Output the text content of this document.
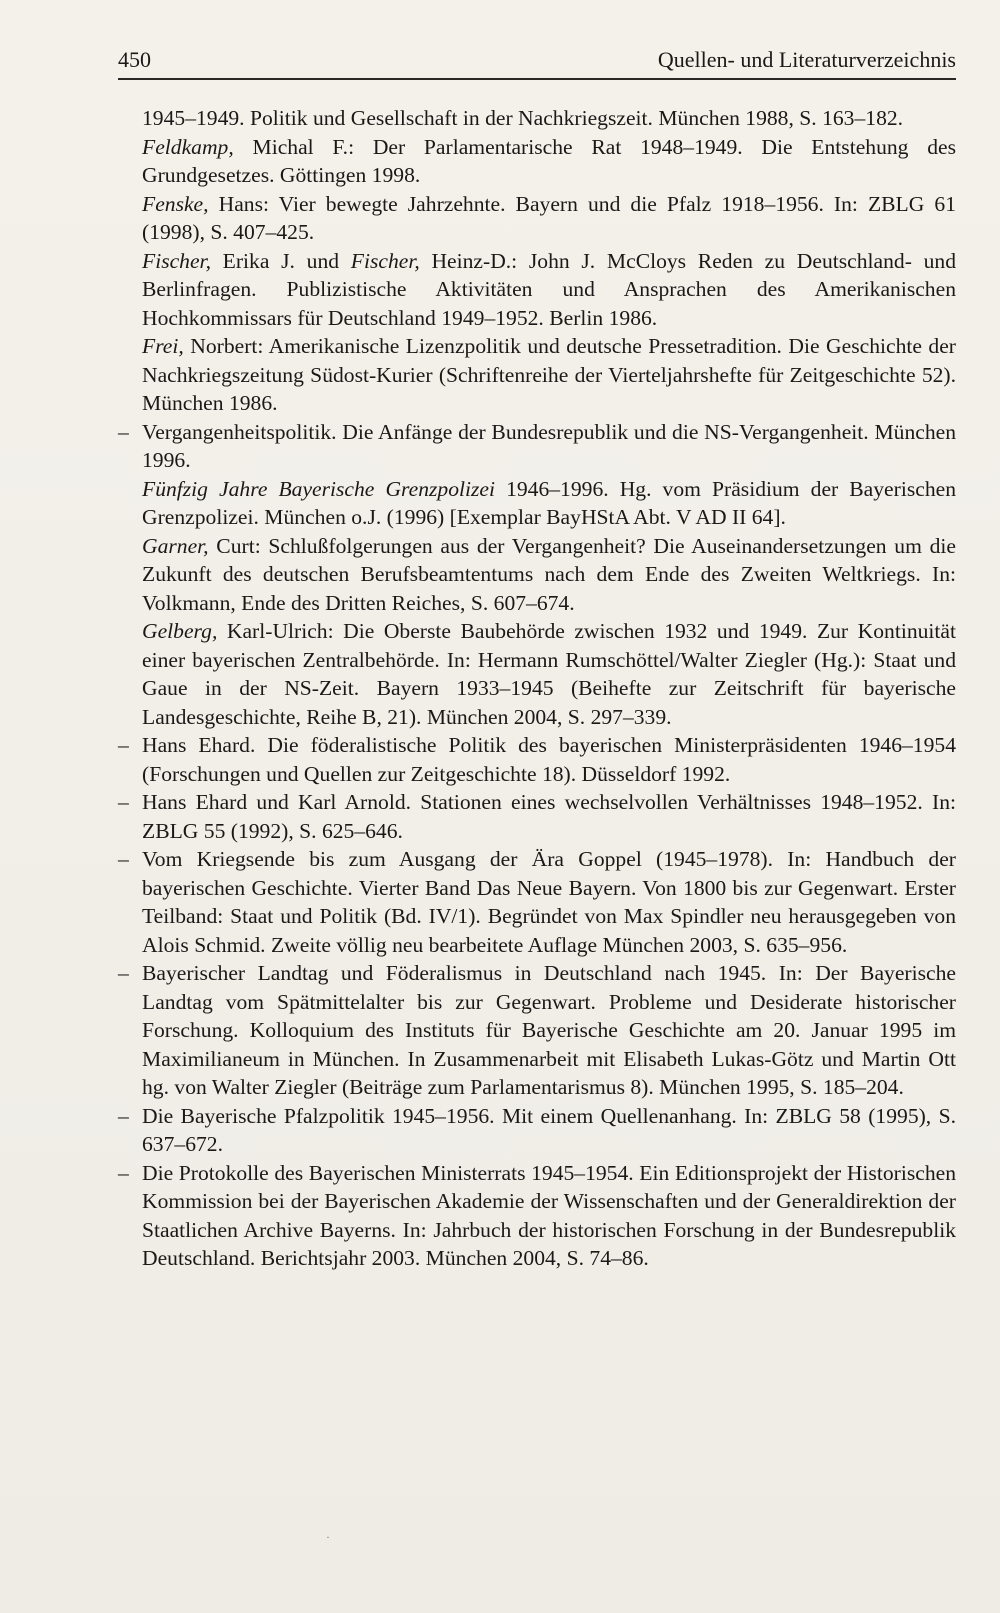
450	Quellen- und Literaturverzeichnis
1945–1949. Politik und Gesellschaft in der Nachkriegszeit. München 1988, S. 163–182.
Feldkamp, Michal F.: Der Parlamentarische Rat 1948–1949. Die Entstehung des Grundgesetzes. Göttingen 1998.
Fenske, Hans: Vier bewegte Jahrzehnte. Bayern und die Pfalz 1918–1956. In: ZBLG 61 (1998), S. 407–425.
Fischer, Erika J. und Fischer, Heinz-D.: John J. McCloys Reden zu Deutschland- und Berlinfragen. Publizistische Aktivitäten und Ansprachen des Amerikanischen Hochkommissars für Deutschland 1949–1952. Berlin 1986.
Frei, Norbert: Amerikanische Lizenzpolitik und deutsche Pressetradition. Die Geschichte der Nachkriegszeitung Südost-Kurier (Schriftenreihe der Vierteljahrshefte für Zeitgeschichte 52). München 1986.
– Vergangenheitspolitik. Die Anfänge der Bundesrepublik und die NS-Vergangenheit. München 1996.
Fünfzig Jahre Bayerische Grenzpolizei 1946–1996. Hg. vom Präsidium der Bayerischen Grenzpolizei. München o.J. (1996) [Exemplar BayHStA Abt. V AD II 64].
Garner, Curt: Schlußfolgerungen aus der Vergangenheit? Die Auseinandersetzungen um die Zukunft des deutschen Berufsbeamtentums nach dem Ende des Zweiten Weltkriegs. In: Volkmann, Ende des Dritten Reiches, S. 607–674.
Gelberg, Karl-Ulrich: Die Oberste Baubehörde zwischen 1932 und 1949. Zur Kontinuität einer bayerischen Zentralbehörde. In: Hermann Rumschöttel/Walter Ziegler (Hg.): Staat und Gaue in der NS-Zeit. Bayern 1933–1945 (Beihefte zur Zeitschrift für bayerische Landesgeschichte, Reihe B, 21). München 2004, S. 297–339.
– Hans Ehard. Die föderalistische Politik des bayerischen Ministerpräsidenten 1946–1954 (Forschungen und Quellen zur Zeitgeschichte 18). Düsseldorf 1992.
– Hans Ehard und Karl Arnold. Stationen eines wechselvollen Verhältnisses 1948–1952. In: ZBLG 55 (1992), S. 625–646.
– Vom Kriegsende bis zum Ausgang der Ära Goppel (1945–1978). In: Handbuch der bayerischen Geschichte. Vierter Band Das Neue Bayern. Von 1800 bis zur Gegenwart. Erster Teilband: Staat und Politik (Bd. IV/1). Begründet von Max Spindler neu herausgegeben von Alois Schmid. Zweite völlig neu bearbeitete Auflage München 2003, S. 635–956.
– Bayerischer Landtag und Föderalismus in Deutschland nach 1945. In: Der Bayerische Landtag vom Spätmittelalter bis zur Gegenwart. Probleme und Desiderate historischer Forschung. Kolloquium des Instituts für Bayerische Geschichte am 20. Januar 1995 im Maximilianeum in München. In Zusammenarbeit mit Elisabeth Lukas-Götz und Martin Ott hg. von Walter Ziegler (Beiträge zum Parlamentarismus 8). München 1995, S. 185–204.
– Die Bayerische Pfalzpolitik 1945–1956. Mit einem Quellenanhang. In: ZBLG 58 (1995), S. 637–672.
– Die Protokolle des Bayerischen Ministerrats 1945–1954. Ein Editionsprojekt der Historischen Kommission bei der Bayerischen Akademie der Wissenschaften und der Generaldirektion der Staatlichen Archive Bayerns. In: Jahrbuch der historischen Forschung in der Bundesrepublik Deutschland. Berichtsjahr 2003. München 2004, S. 74–86.
·
